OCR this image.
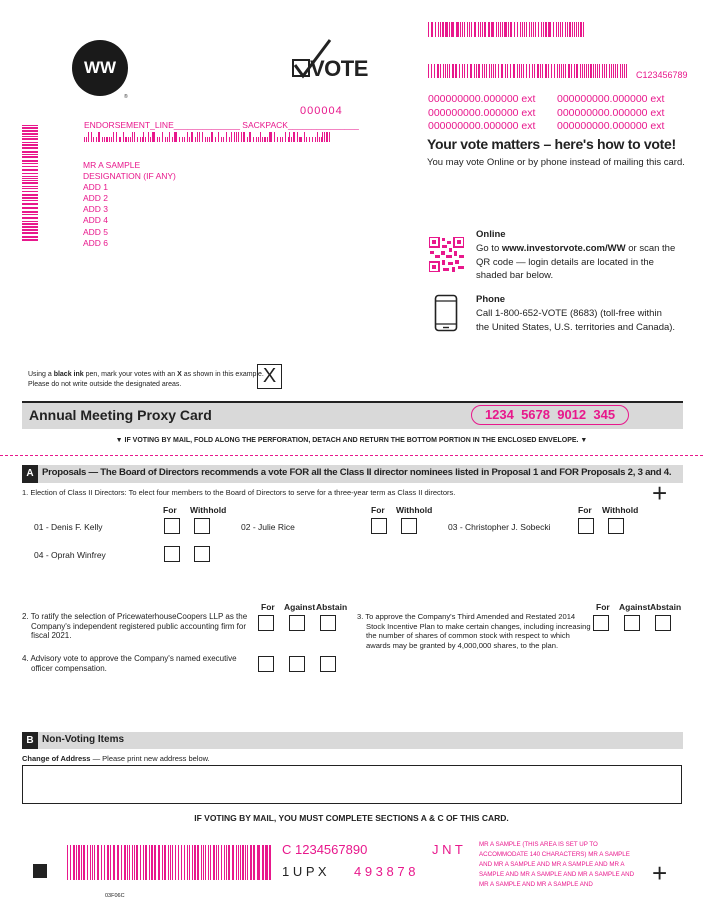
WW
®
VOTE	C123456789
000000000.000000 ext
000000000.000000 ext
000000000.000000 ext
000000000.000000 ext
000000000.000000 ext
000000000.000000 ext
Your vote matters – here's how to vote!
You may vote Online or by phone instead of mailing this card.
000004
ENDORSEMENT_LINE______________ SACKPACK_______________
MR A SAMPLE
DESIGNATION (IF ANY)
ADD 1
ADD 2
ADD 3
ADD 4
ADD 5
ADD 6
Online
Go to www.investorvote.com/WW or scan the
QR code — login details are located in the
shaded bar below.
Phone
Call 1-800-652-VOTE (8683) (toll-free within
the United States, U.S. territories and Canada).
Using a black ink pen, mark your votes with an X as shown in this example.
Please do not write outside the designated areas.	X
Annual Meeting Proxy Card	1234  5678  9012  345
▼ IF VOTING BY MAIL, FOLD ALONG THE PERFORATION, DETACH AND RETURN THE BOTTOM PORTION IN THE ENCLOSED ENVELOPE. ▼
A Proposals — The Board of Directors recommends a vote FOR all the Class II director nominees listed in Proposal 1 and FOR Proposals 2, 3 and 4.
1. Election of Class II Directors: To elect four members to the Board of Directors to serve for a three-year term as Class II directors.	+
For Withhold	For Withhold	For Withhold
01 - Denis F. Kelly	02 - Julie Rice	03 - Christopher J. Sobecki
04 - Oprah Winfrey
For Against Abstain
2. To ratify the selection of PricewaterhouseCoopers LLP as the
Company's independent registered public accounting firm for
fiscal 2021.
For Against Abstain
3. To approve the Company's Third Amended and Restated 2014
Stock Incentive Plan to make certain changes, including increasing
the number of shares of common stock with respect to which
awards may be granted by 4,000,000 shares, to the plan.
4. Advisory vote to approve the Company's named executive
officer compensation.
B Non-Voting Items
Change of Address — Please print new address below.
IF VOTING BY MAIL, YOU MUST COMPLETE SECTIONS A & C OF THIS CARD.
C 1234567890	J N T
1 U P X 4 9 3 8 7 8
MR A SAMPLE (THIS AREA IS SET UP TO ACCOMMODATE 140 CHARACTERS) MR A SAMPLE AND MR A SAMPLE AND MR A SAMPLE AND MR A SAMPLE AND MR A SAMPLE AND MR A SAMPLE AND MR A SAMPLE AND MR A SAMPLE AND	+
03F06C
